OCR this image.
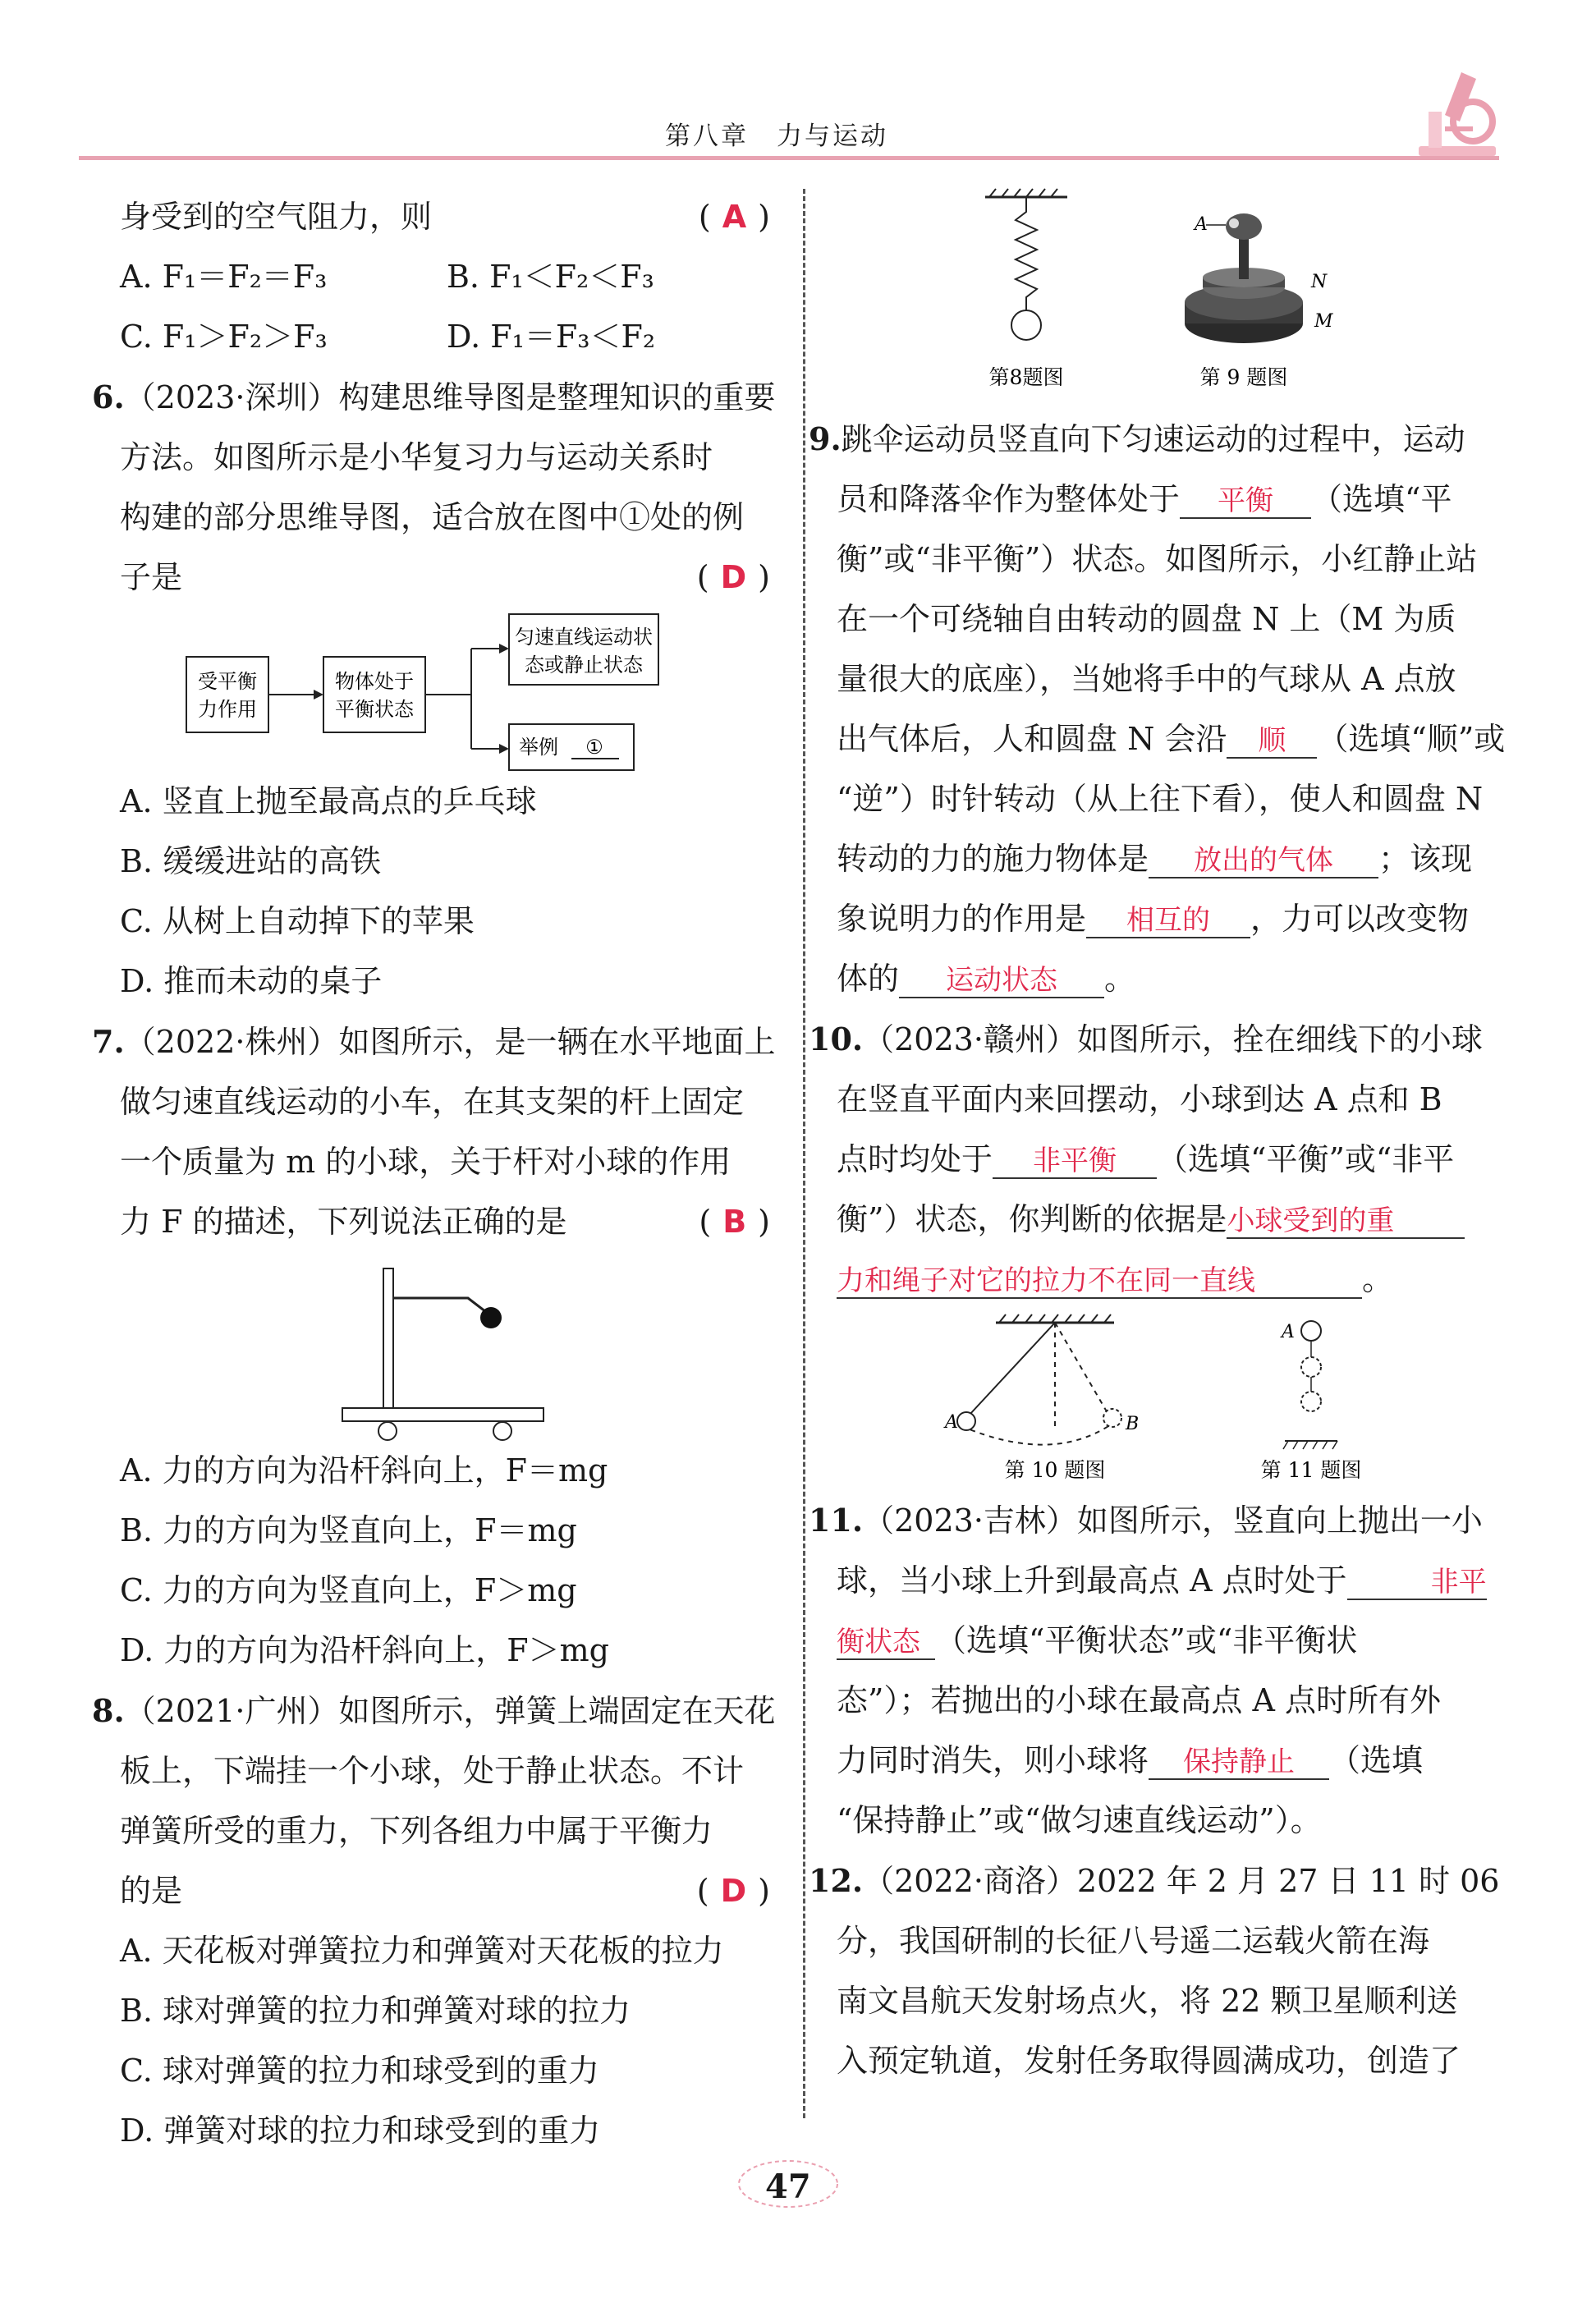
第八章　力与运动

身受到的空气阻力，则	( A )

A. F₁＝F₂＝F₃	B. F₁＜F₂＜F₃

C. F₁＞F₂＞F₃	D. F₁＝F₃＜F₂

6.（2023·深圳）构建思维导图是整理知识的重要

方法。如图所示是小华复习力与运动关系时

构建的部分思维导图，适合放在图中①处的例

子是	( D )

受平衡
力作用
物体处于
平衡状态
匀速直线运动状
态或静止状态
举例 ①

A. 竖直上抛至最高点的乒乓球

B. 缓缓进站的高铁

C. 从树上自动掉下的苹果

D. 推而未动的桌子

7.（2022·株州）如图所示，是一辆在水平地面上

做匀速直线运动的小车，在其支架的杆上固定

一个质量为 m 的小球，关于杆对小球的作用

力 F 的描述，下列说法正确的是	( B )

A. 力的方向为沿杆斜向上，F＝mg

B. 力的方向为竖直向上，F＝mg

C. 力的方向为竖直向上，F＞mg

D. 力的方向为沿杆斜向上，F＞mg

8.（2021·广州）如图所示，弹簧上端固定在天花

板上，下端挂一个小球，处于静止状态。不计

弹簧所受的重力，下列各组力中属于平衡力

的是	( D )

A. 天花板对弹簧拉力和弹簧对天花板的拉力

B. 球对弹簧的拉力和弹簧对球的拉力

C. 球对弹簧的拉力和球受到的重力

D. 弹簧对球的拉力和球受到的重力

第8题图
A
N
M
第 9 题图

9.跳伞运动员竖直向下匀速运动的过程中，运动

员和降落伞作为整体处于 平衡 （选填“平

衡”或“非平衡”）状态。如图所示，小红静止站

在一个可绕轴自由转动的圆盘 N 上（M 为质

量很大的底座），当她将手中的气球从 A 点放

出气体后，人和圆盘 N 会沿 顺 （选填“顺”或

“逆”）时针转动（从上往下看），使人和圆盘 N

转动的力的施力物体是 放出的气体 ；该现

象说明力的作用是 相互的 ，力可以改变物

体的 运动状态 。

10.（2023·赣州）如图所示，拴在细线下的小球

在竖直平面内来回摆动，小球到达 A 点和 B

点时均处于 非平衡 （选填“平衡”或“非平

衡”）状态，你判断的依据是小球受到的重

力和绳子对它的拉力不在同一直线	。

A	B
第 10 题图
A
第 11 题图

11.（2023·吉林）如图所示，竖直向上抛出一小

球，当小球上升到最高点 A 点时处于	非平

衡状态 （选填“平衡状态”或“非平衡状

态”）；若抛出的小球在最高点 A 点时所有外

力同时消失，则小球将 保持静止 （选填

“保持静止”或“做匀速直线运动”）。

12.（2022·商洛）2022 年 2 月 27 日 11 时 06

分，我国研制的长征八号遥二运载火箭在海

南文昌航天发射场点火，将 22 颗卫星顺利送

入预定轨道，发射任务取得圆满成功，创造了

47
